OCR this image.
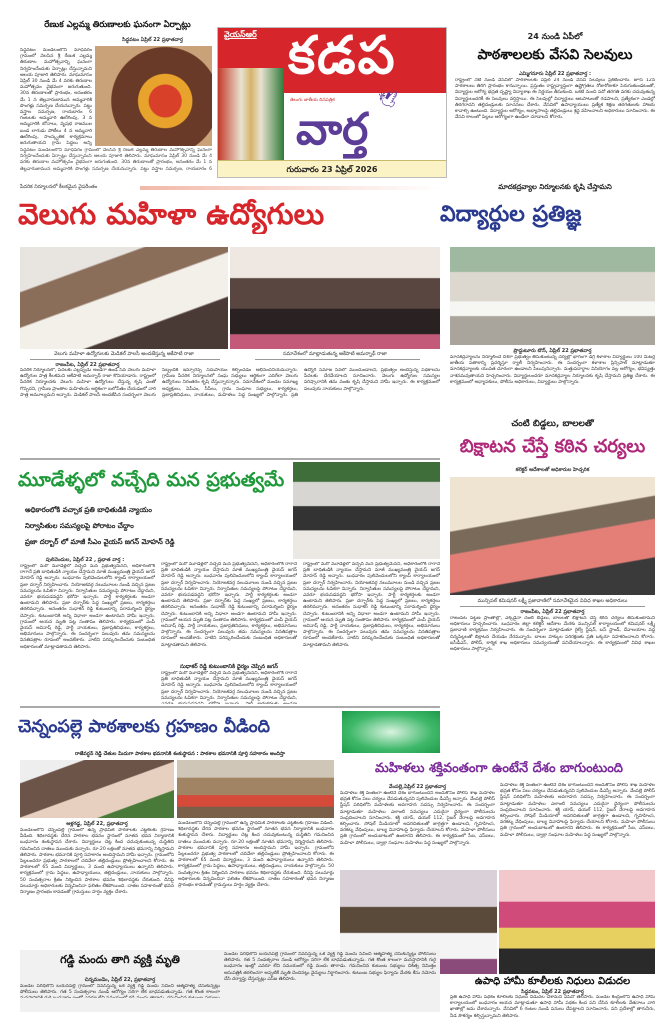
రేణుక ఎల్లమ్మ తిరుణాలకు ఘనంగా ఏర్పాట్లు
సిద్ధవటం ఏప్రిల్ 22 ప్రభాతవార్త
సిద్ధవటం మండలంలోని మాధవరం గ్రామంలో వెలసిన శ్రీ రేణుక ఎల్లమ్మ తిరుణాల మహోత్సవాన్ని ఘనంగా నిర్వహించేందుకు ఏర్పాట్లు చేస్తున్నామని ఆలయ పూజారి తెలిపారు. మాఘమాసం ఏప్రిల్ 30 నుండి మే 4 వరకు తిరుణాల మహోత్సవం వైభవంగా జరుగుతుంది. 30న తిరుణాలతో ప్రారంభం, అనంతరం మే 1 న తెల్లవారుజామున అమ్మవారికి పొంగళ్లు సమర్పణ చేయనున్నారు. పట్టు వస్త్రాల సమర్పణ, రాయబారం 6 గంటలకు అమ్మవారి ఊరేగింపు, 3 న అమ్మవారికి బోనాలు, వృషభ రాజముల బండ లాగుడు పోటీలు 4 న అమ్మవారి ఊరేగింపు, సాంస్కృతిక కార్యక్రమాలు జరుగుతాయని గ్రామ పెద్దలు అన్ని
సిద్ధవటం మండలంలోని మాధవరం గ్రామంలో వెలసిన శ్రీ రేణుక ఎల్లమ్మ తిరుణాల మహోత్సవాన్ని ఘనంగా నిర్వహించేందుకు ఏర్పాట్లు చేస్తున్నామని ఆలయ పూజారి తెలిపారు. మాఘమాసం ఏప్రిల్ 30 నుండి మే 4 వరకు తిరుణాల మహోత్సవం వైభవంగా జరుగుతుంది. 30న తిరుణాలతో ప్రారంభం, అనంతరం మే 1 న తెల్లవారుజామున అమ్మవారికి పొంగళ్లు సమర్పణ చేయనున్నారు. పట్టు వస్త్రాల సమర్పణ, రాయబారం 6
వైయస్ఆర్ కడప
తెలుగు జాతీయ దినపత్రిక	🕊
వార్త
గురువారం 23 ఏప్రిల్ 2026
24 నుండి ఏపీలో
పాఠశాలలకు వేసవి సెలవులు
ఎమ్మిగనూరు ఏప్రిల్ 22 ప్రభాతవార్త :
రాష్ట్రంలో నేటి నుండి వేసవిలో పాఠశాలలకు ఏప్రిల్ 24 నుండి వేసవి సెలవులు ప్రకటించారు. జూన్ 12న పాఠశాలలు తిరిగి ప్రారంభం కానున్నాయి. ప్రస్తుతం రాష్ట్రవ్యాప్తంగా ఉష్ణోగ్రతలు రోజురోజుకూ పెరుగుతుండటంతో, విద్యార్థుల ఆరోగ్య భద్రత దృష్ట్యా విద్యాశాఖ ఈ నిర్ణయం తీసుకుంది. ఒకటి నుంచి పదో తరగతి వరకు చదువుతున్న విద్యార్థులందరికీ ఈ సెలవులు వర్తిస్తాయి. ఈ సెలవుల్లో విద్యార్థులు ఆటపాటలతో గడపాలని, ప్రత్యేకంగా ఎండల్లో తిరగరాదని తల్లిదండ్రులకు సూచనలు చేశారు. వేసవిలో ఉపాధ్యాయులు ప్రత్యేక శిక్షణ తరగతులకు హాజరు కావాల్సి ఉంటుంది. విద్యార్థుల ఆరోగ్యం, అభ్యాసాలపై తల్లిదండ్రులు శ్రద్ధ వహించాలని అధికారులు సూచించారు. ఈ వేసవి కాలంలో పిల్లలు ఆరోగ్యంగా ఉండేలా చూడాలని కోరారు.
పేదరిక నిర్మూలనలో కీలకమైన వైపరీంతం	మాదకద్రవ్యాల నిర్మూలనకు కృషి చేస్తామని
వెలుగు మహిళా ఉద్యోగులు	విద్యార్థుల ప్రతిజ్ఞ
వెలుగు మహిళా ఉద్యోగులకు మెడికల్ పాలసీ అందజేస్తున్న ఆకేపాటి రాజా	సమావేశంలో మాట్లాడుతున్న ఆకేపాటి అమర్నాథ్ రాజా
రాజంపేట, ఏప్రిల్ 22 ప్రభాతవార్త
పేదరిక నిర్మూలనలో, పేదలకు ఎల్లప్పుడు అండగా ఉండే సేవ వెలుగు మహిళా ఉద్యోగుల పాత్ర కీలకమని ఆకేపాటి అమర్నాథ్ రాజా కొనియాడారు. రాష్ట్రంలో పేదరిక నిర్మూలనకు వెలుగు మహిళా ఉద్యోగులు చేస్తున్న కృషి ఎంతో గొప్పదని, గ్రామీణ ప్రాంతాల మహిళలను ఆర్థికంగా బలోపేతం చేయడంలో వారి పాత్ర అమూల్యమని అన్నారు. మెడికల్ పాలసీ అందజేసిన సందర్భంగా వెలుగు సిబ్బందికి ఇన్సూరెన్స్ సదుపాయం కల్పించడం అభినందనీయమన్నారు. గ్రామీణ పేదరిక నిర్మూలనలో సంఘ సభ్యులు ఆర్థికంగా ఎదిగేలా వెలుగు ఉద్యోగులు నిరంతరం కృషి చేస్తున్నారన్నారు. సమావేశంలో మండల సమాఖ్య అధ్యక్షులు, ఏపీఎం, సీసీలు, గ్రామ సంఘాల సభ్యులు, కార్యకర్తలు, ప్రజాప్రతినిధులు, నాయకులు, మహిళలు పెద్ద సంఖ్యలో పాల్గొన్నారు. ప్రతి ఉద్యోగి సమాజ సేవలో ముందుండాలని, ప్రభుత్వం అందిస్తున్న పథకాలను పేదలకు చేరవేయాలని సూచించారు. వెలుగు ఉద్యోగుల సమస్యల పరిష్కారానికి తమ వంతు కృషి చేస్తామని హామీ ఇచ్చారు. ఈ కార్యక్రమంలో పలువురు నాయకులు పాల్గొన్నారు.
ప్రొద్దుటూరు టౌన్, ఏప్రిల్ 22 ప్రభాతవార్త
మాదకద్రవ్యాలను నిర్మూలించే దిశగా ప్రభుత్వం తీసుకుంటున్న చర్యల్లో భాగంగా డిగ్రీ కళాశాల విద్యార్థులు 100 మీటర్ల జాతీయ పతాకాన్ని ప్రదర్శిస్తూ ర్యాలీ నిర్వహించారు. ఈ సందర్భంగా కళాశాల ప్రిన్సిపాల్ మాట్లాడుతూ మాదకద్రవ్యాలకు యువత దూరంగా ఉండాలని పిలుపునిచ్చారు. మత్తుపదార్థాల వినియోగం వల్ల ఆరోగ్యం, భవిష్యత్తు నాశనమవుతాయని హెచ్చరించారు. విద్యార్థులందరూ మాదకద్రవ్యాల నిర్మూలనకు కృషి చేస్తామని ప్రతిజ్ఞ చేశారు. ఈ కార్యక్రమంలో అధ్యాపకులు, పోలీసు అధికారులు, విద్యార్థులు పాల్గొన్నారు.
చంటి బిడ్డలు, బాలలతో
బిక్షాటన చేస్తే కఠిన చర్యలు
కలెక్టర్ ఆదేశాలతో అధికారుల హెచ్చరిక
మున్సిపల్ కమిషనర్ లక్ష్మీ ప్రజావాణిలో సమావేశమైన వివిధ శాఖల అధికారులు
రాజంపేట, ఏప్రిల్ 22 ప్రభాతవార్త
రాజంపేట పట్టణ ప్రాంతాల్లో, ఎక్కడైనా చంటి బిడ్డలు, బాలలతో బిక్షాటన చేస్తే కఠిన చర్యలు తీసుకుంటామని అధికారులు హెచ్చరించారు. బుధవారం జిల్లా కలెక్టర్ ఆదేశాల మేరకు మున్సిపల్ కార్యాలయంలో కమిషనర్ లక్ష్మీ ప్రజావాణి కార్యక్రమం నిర్వహించారు. ఈ సందర్భంగా మాట్లాడుతూ రైల్వే స్టేషన్, బస్ స్టాండ్, దేవాలయాల వద్ద చిన్నపిల్లలతో బిక్షాటన చేయడం నేరమన్నారు. బాలల హక్కుల పరిరక్షణకు ప్రతి ఒక్కరూ సహకరించాలని కోరారు. ఐసీడీఎస్, పోలీస్, కార్మిక శాఖ అధికారులు సమన్వయంతో పనిచేయాలన్నారు. ఈ కార్యక్రమంలో వివిధ శాఖల అధికారులు పాల్గొన్నారు.
మూడేళ్ళలో వచ్చేది మన ప్రభుత్వమే
అధికారంలోకి వచ్చాక ప్రతి బాధితుడికి న్యాయం
నిర్వాసితుల సమస్యలపై పోరాటం చేద్దాం
ప్రజా దర్బార్ లో మాజీ సీఎం వైయస్ జగన్ మోహన్ రెడ్డి
పులివెందుల, ఏప్రిల్ 22 , ప్రభాత వార్త :
రాష్ట్రంలో మరో మూడేళ్లలో వచ్చేది మన ప్రభుత్వమేనని, అధికారంలోకి రాగానే ప్రతి బాధితుడికి న్యాయం చేస్తామని మాజీ ముఖ్యమంత్రి వైయస్ జగన్ మోహన్ రెడ్డి అన్నారు. బుధవారం పులివెందులలోని క్యాంప్ కార్యాలయంలో ప్రజా దర్బార్ నిర్వహించారు. నియోజకవర్గ నలుమూలల నుండి వచ్చిన ప్రజల సమస్యలను ఓపికగా విన్నారు. నిర్వాసితుల సమస్యలపై పోరాటం చేద్దామని, ఎవరూ భయపడవద్దని భరోసా ఇచ్చారు. పార్టీ కార్యకర్తలకు అండగా ఉంటామని తెలిపారు. ప్రజా దర్బార్‌కు పెద్ద సంఖ్యలో ప్రజలు, కార్యకర్తలు తరలివచ్చారు. అనంతరం సుధాకర్ రెడ్డి కుటుంబాన్ని పరామర్శించి ధైర్యం చెప్పారు. కుటుంబానికి అన్ని విధాలా అండగా ఉంటామని హామీ ఇచ్చారు. గ్రామంలో ఆయన మృతి పట్ల సంతాపం తెలిపారు. కార్యక్రమంలో ఎంపీ వైయస్ అవినాష్ రెడ్డి, పార్టీ నాయకులు, ప్రజాప్రతినిధులు, కార్యకర్తలు, అభిమానులు పాల్గొన్నారు. ఈ సందర్భంగా పలువురు తమ సమస్యలను వినతిపత్రాల రూపంలో అందజేశారు. వాటిని పరిష్కరించేందుకు సంబంధిత అధికారులతో మాట్లాడతామని తెలిపారు.
రాష్ట్రంలో మరో మూడేళ్లలో వచ్చేది మన ప్రభుత్వమేనని, అధికారంలోకి రాగానే ప్రతి బాధితుడికి న్యాయం చేస్తామని మాజీ ముఖ్యమంత్రి వైయస్ జగన్ మోహన్ రెడ్డి అన్నారు. బుధవారం పులివెందులలోని క్యాంప్ కార్యాలయంలో ప్రజా దర్బార్ నిర్వహించారు. నియోజకవర్గ నలుమూలల నుండి వచ్చిన ప్రజల సమస్యలను ఓపికగా విన్నారు. నిర్వాసితుల సమస్యలపై పోరాటం చేద్దామని, ఎవరూ భయపడవద్దని భరోసా ఇచ్చారు. పార్టీ కార్యకర్తలకు అండగా ఉంటామని తెలిపారు. ప్రజా దర్బార్‌కు పెద్ద సంఖ్యలో ప్రజలు, కార్యకర్తలు తరలివచ్చారు. అనంతరం సుధాకర్ రెడ్డి కుటుంబాన్ని పరామర్శించి ధైర్యం చెప్పారు. కుటుంబానికి అన్ని విధాలా అండగా ఉంటామని హామీ ఇచ్చారు. గ్రామంలో ఆయన మృతి పట్ల సంతాపం తెలిపారు. కార్యక్రమంలో ఎంపీ వైయస్ అవినాష్ రెడ్డి, పార్టీ నాయకులు, ప్రజాప్రతినిధులు, కార్యకర్తలు, అభిమానులు పాల్గొన్నారు. ఈ సందర్భంగా పలువురు తమ సమస్యలను వినతిపత్రాల రూపంలో అందజేశారు. వాటిని పరిష్కరించేందుకు సంబంధిత అధికారులతో మాట్లాడతామని తెలిపారు.
సుధాకర్ రెడ్డి కుటుంబానికి ధైర్యం చెప్పిన జగన్
రాష్ట్రంలో మరో మూడేళ్లలో వచ్చేది మన ప్రభుత్వమేనని, అధికారంలోకి రాగానే ప్రతి బాధితుడికి న్యాయం చేస్తామని మాజీ ముఖ్యమంత్రి వైయస్ జగన్ మోహన్ రెడ్డి అన్నారు. బుధవారం పులివెందులలోని క్యాంప్ కార్యాలయంలో ప్రజా దర్బార్ నిర్వహించారు. నియోజకవర్గ నలుమూలల నుండి వచ్చిన ప్రజల సమస్యలను ఓపికగా విన్నారు. నిర్వాసితుల సమస్యలపై పోరాటం చేద్దామని,
రాష్ట్రంలో మరో మూడేళ్లలో వచ్చేది మన ప్రభుత్వమేనని, అధికారంలోకి రాగానే ప్రతి బాధితుడికి న్యాయం చేస్తామని మాజీ ముఖ్యమంత్రి వైయస్ జగన్ మోహన్ రెడ్డి అన్నారు. బుధవారం పులివెందులలోని క్యాంప్ కార్యాలయంలో ప్రజా దర్బార్ నిర్వహించారు. నియోజకవర్గ నలుమూలల నుండి వచ్చిన ప్రజల సమస్యలను ఓపికగా విన్నారు. నిర్వాసితుల సమస్యలపై పోరాటం చేద్దామని, ఎవరూ భయపడవద్దని భరోసా ఇచ్చారు. పార్టీ కార్యకర్తలకు అండగా ఉంటామని తెలిపారు. ప్రజా దర్బార్‌కు పెద్ద సంఖ్యలో ప్రజలు, కార్యకర్తలు తరలివచ్చారు. అనంతరం సుధాకర్ రెడ్డి కుటుంబాన్ని పరామర్శించి ధైర్యం చెప్పారు. కుటుంబానికి అన్ని విధాలా అండగా ఉంటామని హామీ ఇచ్చారు. గ్రామంలో ఆయన మృతి పట్ల సంతాపం తెలిపారు. కార్యక్రమంలో ఎంపీ వైయస్ అవినాష్ రెడ్డి, పార్టీ నాయకులు, ప్రజాప్రతినిధులు, కార్యకర్తలు, అభిమానులు పాల్గొన్నారు. ఈ సందర్భంగా పలువురు తమ సమస్యలను వినతిపత్రాల రూపంలో అందజేశారు. వాటిని పరిష్కరించేందుకు సంబంధిత అధికారులతో మాట్లాడతామని తెలిపారు.
చెన్నంపల్లె పాఠశాలకు గ్రహణం వీడింది
రాజేవర్ధన్ రెడ్డి చేతుల మీదుగా పాఠశాల భవనానికి శంకుస్థాపన : పాఠశాల భవనానికి పూర్తి సహకారం అందిస్తా
ఆళ్లగడ్డ, ఏప్రిల్ 22, ప్రభాతవార్త
మండలంలోని చెన్నంపల్లె గ్రామంలో ఉన్న ప్రాథమిక పాఠశాలకు ఎట్టకేలకు గ్రహణం వీడింది. శిథిలావస్థకు చేరిన పాఠశాల భవనం స్థానంలో నూతన భవన నిర్మాణానికి బుధవారం శంకుస్థాపన చేశారు. విద్యార్థులు చెట్ల కింద చదువుకుంటున్న దుస్థితిని గమనించిన దాతలు ముందుకు వచ్చారు. రూ.20 లక్షలతో నూతన భవనాన్ని నిర్మిస్తామని తెలిపారు. పాఠశాల భవనానికి పూర్తి సహకారం అందిస్తామని హామీ ఇచ్చారు. గ్రామంలోని పిల్లలందరూ ప్రభుత్వ పాఠశాలలో చదివేలా తల్లిదండ్రులు ప్రోత్సహించాలని కోరారు. ఈ పాఠశాలలో 65 మంది విద్యార్థులు, 3 మంది ఉపాధ్యాయులు ఉన్నారని తెలిపారు. కార్యక్రమంలో గ్రామ పెద్దలు, ఉపాధ్యాయులు, తల్లిదండ్రులు, నాయకులు పాల్గొన్నారు. 50 సంవత్సరాల క్రితం నిర్మించిన పాఠశాల భవనం శిథిలావస్థకు చేరుకుంది. దీనిపై పలుమార్లు అధికారులకు విన్నవించినా ఫలితం లేకపోయింది. దాతల సహకారంతో భవన నిర్మాణం ప్రారంభం కావడంతో గ్రామస్తులు హర్షం వ్యక్తం చేశారు.
మండలంలోని చెన్నంపల్లె గ్రామంలో ఉన్న ప్రాథమిక పాఠశాలకు ఎట్టకేలకు గ్రహణం వీడింది. శిథిలావస్థకు చేరిన పాఠశాల భవనం స్థానంలో నూతన భవన నిర్మాణానికి బుధవారం శంకుస్థాపన చేశారు. విద్యార్థులు చెట్ల కింద చదువుకుంటున్న దుస్థితిని గమనించిన దాతలు ముందుకు వచ్చారు. రూ.20 లక్షలతో నూతన భవనాన్ని నిర్మిస్తామని తెలిపారు. పాఠశాల భవనానికి పూర్తి సహకారం అందిస్తామని హామీ ఇచ్చారు. గ్రామంలోని పిల్లలందరూ ప్రభుత్వ పాఠశాలలో చదివేలా తల్లిదండ్రులు ప్రోత్సహించాలని కోరారు. ఈ పాఠశాలలో 65 మంది విద్యార్థులు, 3 మంది ఉపాధ్యాయులు ఉన్నారని తెలిపారు. కార్యక్రమంలో గ్రామ పెద్దలు, ఉపాధ్యాయులు, తల్లిదండ్రులు, నాయకులు పాల్గొన్నారు. 50 సంవత్సరాల క్రితం నిర్మించిన పాఠశాల భవనం శిథిలావస్థకు చేరుకుంది. దీనిపై పలుమార్లు అధికారులకు విన్నవించినా ఫలితం లేకపోయింది. దాతల సహకారంతో భవన నిర్మాణం ప్రారంభం కావడంతో గ్రామస్తులు హర్షం వ్యక్తం చేశారు.
మహిళలు శక్తివంతంగా ఉంటేనే దేశం బాగుంటుంది
వేంపల్లె,ఏప్రిల్ 22 ప్రభాతవార్త
మహిళలు శక్తి వంతంగా ఉంటేనే దేశం బాగుంటుందని అందుకోసం పోలీస్ శాఖ మహిళల భద్రత కోసం పలు చర్యలు చేపడుతున్నదని పులివెందుల డీఎస్పీ అన్నారు. వేంపల్లె పోలీస్ స్టేషన్ పరిధిలోని మహిళలకు అవగాహన సదస్సు నిర్వహించారు. ఈ సందర్భంగా మాట్లాడుతూ మహిళలు ఎలాంటి సమస్యలు ఎదురైనా ధైర్యంగా పోలీసులను సంప్రదించాలని సూచించారు. శక్తి యాప్, డయల్ 112, సైబర్ నేరాలపై అవగాహన కల్పించారు. సోషల్ మీడియాలో అపరిచితులతో జాగ్రత్తగా ఉండాలని, గృహహింస, వరకట్న వేధింపులు, బాల్య వివాహాలపై ఫిర్యాదు చేయాలని కోరారు. మహిళా పోలీసులు ప్రతి గ్రామంలో అందుబాటులో ఉంటారని తెలిపారు. ఈ కార్యక్రమంలో సీఐ, ఎస్ఐలు, మహిళా పోలీసులు, డ్వాక్రా సంఘాల మహిళలు పెద్ద సంఖ్యలో పాల్గొన్నారు.
మహిళలు శక్తి వంతంగా ఉంటేనే దేశం బాగుంటుందని అందుకోసం పోలీస్ శాఖ మహిళల భద్రత కోసం పలు చర్యలు చేపడుతున్నదని పులివెందుల డీఎస్పీ అన్నారు. వేంపల్లె పోలీస్ స్టేషన్ పరిధిలోని మహిళలకు అవగాహన సదస్సు నిర్వహించారు. ఈ సందర్భంగా మాట్లాడుతూ మహిళలు ఎలాంటి సమస్యలు ఎదురైనా ధైర్యంగా పోలీసులను సంప్రదించాలని సూచించారు. శక్తి యాప్, డయల్ 112, సైబర్ నేరాలపై అవగాహన కల్పించారు. సోషల్ మీడియాలో అపరిచితులతో జాగ్రత్తగా ఉండాలని, గృహహింస, వరకట్న వేధింపులు, బాల్య వివాహాలపై ఫిర్యాదు చేయాలని కోరారు. మహిళా పోలీసులు ప్రతి గ్రామంలో అందుబాటులో ఉంటారని తెలిపారు. ఈ కార్యక్రమంలో సీఐ, ఎస్ఐలు, మహిళా పోలీసులు, డ్వాక్రా సంఘాల మహిళలు పెద్ద సంఖ్యలో పాల్గొన్నారు.
ఉపాధి హామీ కూలీలకు నిధులు విడుదల
సిద్ధవటం, ఏప్రిల్ 22 ప్రభాతవార్త
ప్రతి ఉపాధి హామీ పథకం కూలీలకు నిధులు విడుదల చేశామని ఏపీవో తెలిపారు. మండల కేంద్రంలోని ఉపాధి హామీ కార్యాలయంలో బుధవారం ఆయన మాట్లాడుతూ ఉపాధి హామీ పథకం కింద పని చేసిన కూలీలకు వేతనాలు వారి ఖాతాల్లో జమ చేశామన్నారు. వేసవిలో 6 గంటల నుండి పనులు చేపట్టాలని సూచించారు. పని ప్రదేశాల్లో తాగునీరు, నీడ సౌకర్యం కల్పిస్తున్నామని తెలిపారు.
గడ్డి మందు తాగి వ్యక్తి మృతి
చిన్నమండెం, ఏప్రిల్ 22, ప్రభాతవార్త
మండల పరిధిలోని బయనపల్లె గ్రామంలో నివసిస్తున్న ఒక వ్యక్తి గడ్డి మందు సేవించి ఆత్మహత్య చేసుకున్నట్లు పోలీసులు తెలిపారు. గత 5 సంవత్సరాల నుండి ఆరోగ్యం సరిగా లేక బాధపడుతున్నాడు. గత కొంత కాలంగా
మండల పరిధిలోని బయనపల్లె గ్రామంలో నివసిస్తున్న ఒక వ్యక్తి గడ్డి మందు సేవించి ఆత్మహత్య చేసుకున్నట్లు పోలీసులు తెలిపారు. గత 5 సంవత్సరాల నుండి ఆరోగ్యం సరిగా లేక బాధపడుతున్నాడు. గత కొంత కాలంగా మనస్తాపానికి గురై బుధవారం ఇంట్లో ఎవరూ లేని సమయంలో గడ్డి మందు తాగాడు. గమనించిన కుటుంబ సభ్యులు చికిత్స నిమిత్తం ఆసుపత్రికి తరలించగా అప్పటికే మృతి చెందినట్లు వైద్యులు నిర్ధారించారు. కుటుంబ సభ్యుల ఫిర్యాదు మేరకు కేసు నమోదు చేసి దర్యాప్తు చేస్తున్నట్లు ఎస్ఐ తెలిపారు.
